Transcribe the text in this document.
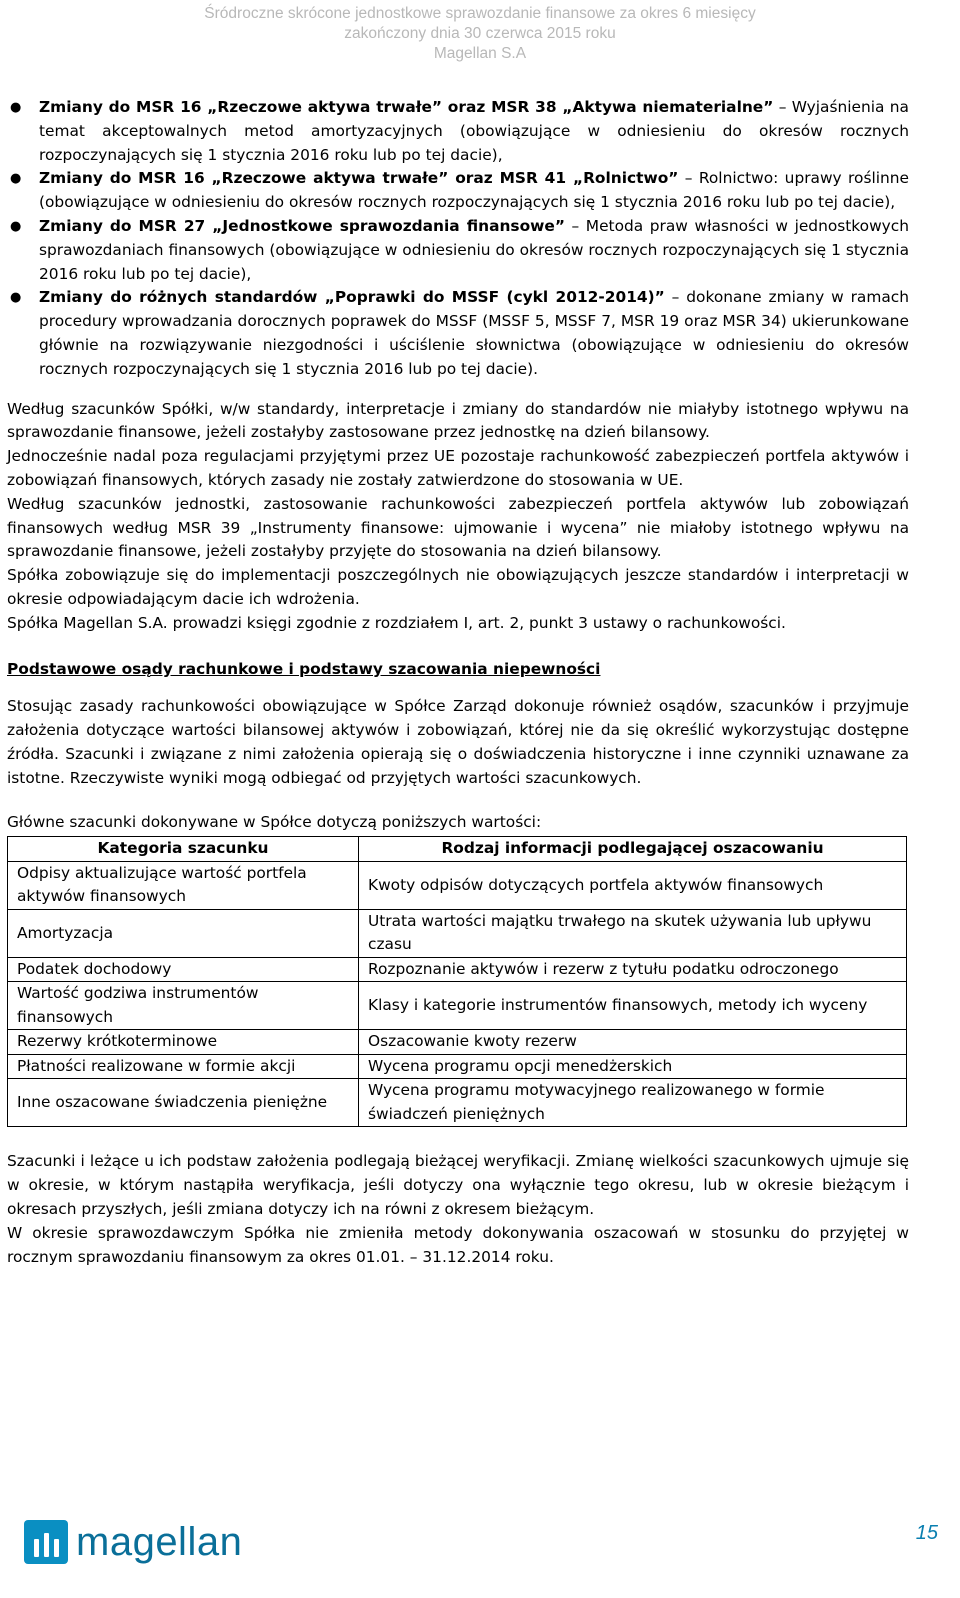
Śródroczne skrócone jednostkowe sprawozdanie finansowe za okres 6 miesięcy
zakończony dnia 30 czerwca 2015 roku
Magellan S.A
● Zmiany do MSR 16 „Rzeczowe aktywa trwałe” oraz MSR 38 „Aktywa niematerialne” – Wyjaśnienia na temat akceptowalnych metod amortyzacyjnych (obowiązujące w odniesieniu do okresów rocznych rozpoczynających się 1 stycznia 2016 roku lub po tej dacie),
● Zmiany do MSR 16 „Rzeczowe aktywa trwałe” oraz MSR 41 „Rolnictwo” – Rolnictwo: uprawy roślinne (obowiązujące w odniesieniu do okresów rocznych rozpoczynających się 1 stycznia 2016 roku lub po tej dacie),
● Zmiany do MSR 27 „Jednostkowe sprawozdania finansowe” – Metoda praw własności w jednostkowych sprawozdaniach finansowych (obowiązujące w odniesieniu do okresów rocznych rozpoczynających się 1 stycznia 2016 roku lub po tej dacie),
● Zmiany do różnych standardów „Poprawki do MSSF (cykl 2012-2014)” – dokonane zmiany w ramach procedury wprowadzania dorocznych poprawek do MSSF (MSSF 5, MSSF 7, MSR 19 oraz MSR 34) ukierunkowane głównie na rozwiązywanie niezgodności i uściślenie słownictwa (obowiązujące w odniesieniu do okresów rocznych rozpoczynających się 1 stycznia 2016 lub po tej dacie).

Według szacunków Spółki, w/w standardy, interpretacje i zmiany do standardów nie miałyby istotnego wpływu na sprawozdanie finansowe, jeżeli zostałyby zastosowane przez jednostkę na dzień bilansowy.

Jednocześnie nadal poza regulacjami przyjętymi przez UE pozostaje rachunkowość zabezpieczeń portfela aktywów i zobowiązań finansowych, których zasady nie zostały zatwierdzone do stosowania w UE.

Według szacunków jednostki, zastosowanie rachunkowości zabezpieczeń portfela aktywów lub zobowiązań finansowych według MSR 39 „Instrumenty finansowe: ujmowanie i wycena” nie miałoby istotnego wpływu na sprawozdanie finansowe, jeżeli zostałyby przyjęte do stosowania na dzień bilansowy.

Spółka zobowiązuje się do implementacji poszczególnych nie obowiązujących jeszcze standardów i interpretacji w okresie odpowiadającym dacie ich wdrożenia.

Spółka Magellan S.A. prowadzi księgi zgodnie z rozdziałem I, art. 2, punkt 3 ustawy o rachunkowości.

Podstawowe osądy rachunkowe i podstawy szacowania niepewności

Stosując zasady rachunkowości obowiązujące w Spółce Zarząd dokonuje również osądów, szacunków i przyjmuje założenia dotyczące wartości bilansowej aktywów i zobowiązań, której nie da się określić wykorzystując dostępne źródła. Szacunki i związane z nimi założenia opierają się o doświadczenia historyczne i inne czynniki uznawane za istotne. Rzeczywiste wyniki mogą odbiegać od przyjętych wartości szacunkowych.

Główne szacunki dokonywane w Spółce dotyczą poniższych wartości:

Kategoria szacunku	Rodzaj informacji podlegającej oszacowaniu
Odpisy aktualizujące wartość portfela aktywów finansowych	Kwoty odpisów dotyczących portfela aktywów finansowych
Amortyzacja	Utrata wartości majątku trwałego na skutek używania lub upływu czasu
Podatek dochodowy	Rozpoznanie aktywów i rezerw z tytułu podatku odroczonego
Wartość godziwa instrumentów finansowych	Klasy i kategorie instrumentów finansowych, metody ich wyceny
Rezerwy krótkoterminowe	Oszacowanie kwoty rezerw
Płatności realizowane w formie akcji	Wycena programu opcji menedżerskich
Inne oszacowane świadczenia pieniężne	Wycena programu motywacyjnego realizowanego w formie świadczeń pieniężnych

Szacunki i leżące u ich podstaw założenia podlegają bieżącej weryfikacji. Zmianę wielkości szacunkowych ujmuje się w okresie, w którym nastąpiła weryfikacja, jeśli dotyczy ona wyłącznie tego okresu, lub w okresie bieżącym i okresach przyszłych, jeśli zmiana dotyczy ich na równi z okresem bieżącym.

W okresie sprawozdawczym Spółka nie zmieniła metody dokonywania oszacowań w stosunku do przyjętej w rocznym sprawozdaniu finansowym za okres 01.01. – 31.12.2014 roku.

magellan	15
